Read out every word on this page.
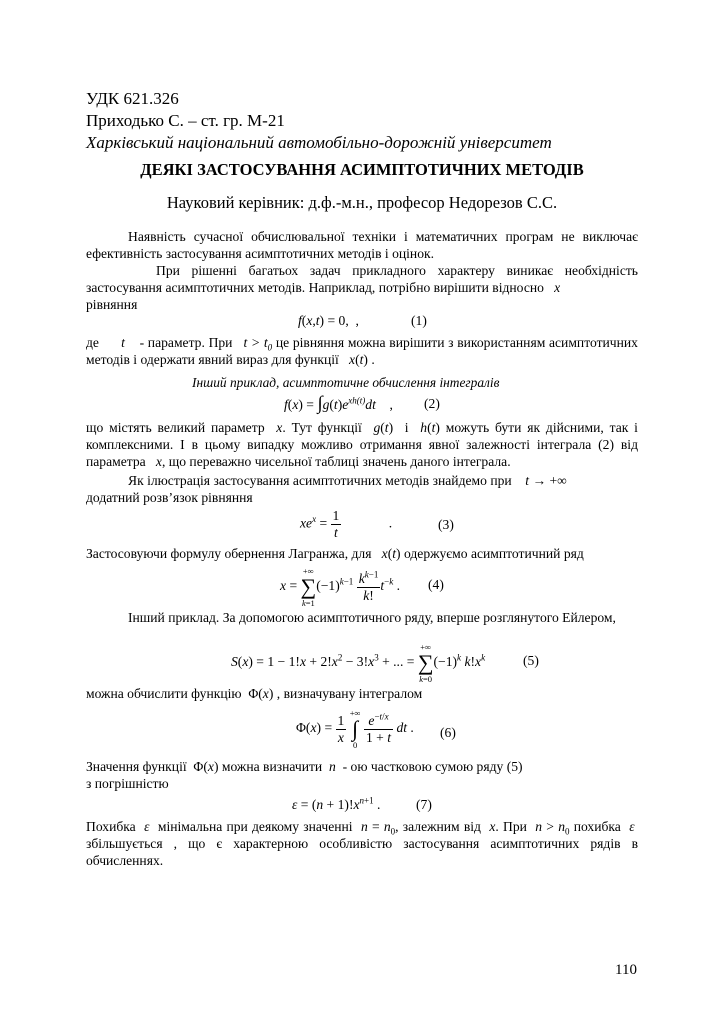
УДК 621.326
Приходько С. – ст. гр. М-21
Харківський національний автомобільно-дорожній університет
ДЕЯКІ ЗАСТОСУВАННЯ АСИМПТОТИЧНИХ МЕТОДІВ
Науковий керівник: д.ф.-м.н., професор Недорезов С.С.
Наявність сучасної обчислювальної техніки і математичних програм не виключає ефективність застосування асимптотичних методів і оцінок.
При рішенні багатьох задач прикладного характеру виникає необхідність застосування асимптотичних методів. Наприклад, потрібно вирішити відносно   x
рівняння
f(x,t) = 0,  ,	(1)
де      t    - параметр. При   $t > t_0$ це рівняння можна вирішити з використанням асимптотичних методів і одержати явний вираз для функції   x(t) .
Інший приклад, асимптотичне обчислення інтегралів
$f(x) = \int g(t)e^{xh(t)}dt$    , (2)
що містять великий параметр  x. Тут функції  g(t)  і  h(t) можуть бути як дійсними, так і комплексними. І в цьому випадку можливо отримання явної залежності інтеграла (2) від параметра   x, що переважно чисельної таблиці значень даного інтеграла.
Як ілюстрація застосування асимптотичних методів знайдемо при    t → +∞
додатний розв’язок рівняння
$xe^x = \frac{1}{t}$	.	(3)
Застосовуючи формулу обернення Лагранжа, для   x(t) одержуємо асимптотичний ряд
x =
+∞
∑
k=1
$(-1)^{k-1} \frac{k^{k-1}}{k!} t^{-k}$ . (4)
Інший приклад. За допомогою асимптотичного ряду, вперше розглянутого Ейлером,
$S(x) = 1 - 1!x + 2!x^2 - 3!x^3$ + ... =
+∞
∑
k=0
$(-1)^k$ $k!x^k$	(5)
можна обчислити функцію  Φ(x) , визначувану інтегралом
$\Phi(x) = \frac{1}{x}$
+∞
∫
0
$\frac{e^{-t/x}}{1 + t}$ dt . (6)
Значення функції  Φ(x) можна визначити  n  - ою частковою сумою ряду (5)
з погрішністю
$\varepsilon = (n + 1)!x^{n+1}$ .	(7)
Похибка  ε  мінімальна при деякому значенні  $n = n_0$, залежним від  x. При  $n > n_0$ похибка  ε  збільшується , що є характерною особливістю застосування асимптотичних рядів в обчисленнях.
110
